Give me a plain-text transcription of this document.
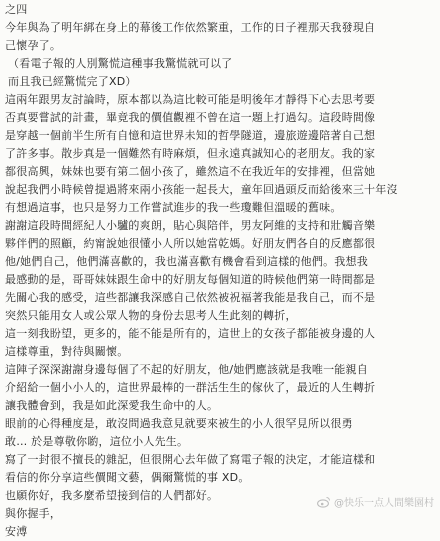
之四
今年與為了明年綁在身上的幕後工作依然繁重，工作的日子裡那天我發現自
己懷孕了。
（看電子報的人別驚慌這種事我驚慌就可以了
而且我已經驚慌完了XD）
這兩年跟男友討論時，原本都以為這比較可能是明後年才靜得下心去思考要
否真要嘗試的計畫，畢竟我的價值觀裡不曾在這一題上打過勾。這段時間像
是穿越一個前半生所有自憶和這世界未知的哲學隧道，邊旅遊邊陪著自己想
了許多事。散步真是一個難然有時麻煩，但永遠真誠知心的老朋友。我的家
都很高興，妹妹也要有第二個小孩了，雖然這不在我近年的安排裡，但當她
說起我們小時候曾提過將來兩小孩能一起長大，童年回過頭反而給後來三十年沒
有想過這事，也只是努力工作嘗試進步的我一些瓊難但溫暖的舊味。
謝謝這段時間經紀人小驢的爽朗，貼心與陪伴，男友阿維的支持和壯觸音樂
夥伴們的照顧，約甯說她很懂小人所以她當乾媽。好朋友們各自的反應都很
他/她們自己，他們滿喜歡的，我也滿喜歡有機會看到這樣的他們。我想我
最感動的是，哥哥妹妹跟生命中的好朋友每個知道的時候他們第一時間都是
先關心我的感受，這些都讓我深感自己依然被祝福著我能是我自己，而不是
突然只能用女人或公眾人物的身份去思考人生此刻的轉折，
這一刻我盼望，更多的，能不能是所有的，這世上的女孩子都能被身邊的人
這樣尊重，對待與關懷。
這陣子深深謝謝身邊每個了不起的好朋友，他/她們應該就是我唯一能親自
介紹給一個小小人的，這世界最棒的一群活生生的傢伙了，最近的人生轉折
讓我體會到，我是如此深愛我生命中的人。
眼前的心得種度是，敢沒問過我意見就要來被生的小人很罕見所以很勇
敢… 於是尊敬你喲，這位小人先生。
寫了一封很不擅長的雜記，但很開心去年做了寫電子報的決定，才能這樣和
看信的你分享這些價聞文藝，偶爾驚慌的事 XD。
也願你好，我多麼希望接到信的人們都好。
與你握手，
安溥
@快乐一点人間樂園村
